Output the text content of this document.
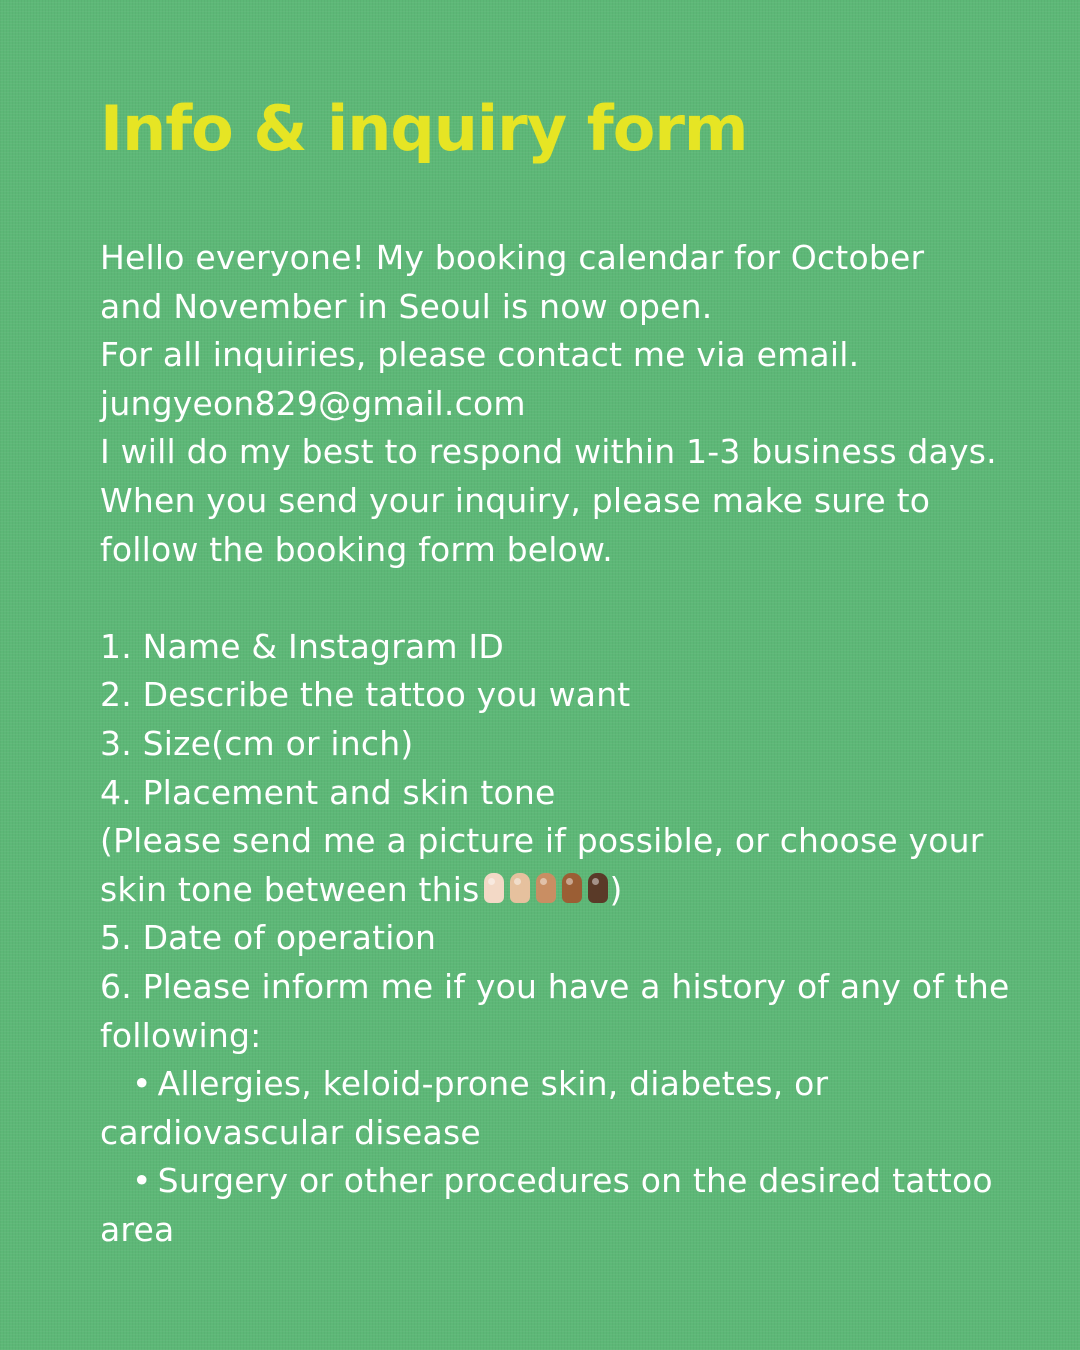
Info & inquiry form
Hello everyone! My booking calendar for October
and November in Seoul is now open.
For all inquiries, please contact me via email.
jungyeon829@gmail.com
I will do my best to respond within 1-3 business days.
When you send your inquiry, please make sure to
follow the booking form below.
1. Name & Instagram ID
2. Describe the tattoo you want
3. Size(cm or inch)
4. Placement and skin tone
(Please send me a picture if possible, or choose your
skin tone between this	)
5. Date of operation
6. Please inform me if you have a history of any of the
following:
• Allergies, keloid-prone skin, diabetes, or
cardiovascular disease
• Surgery or other procedures on the desired tattoo
area
